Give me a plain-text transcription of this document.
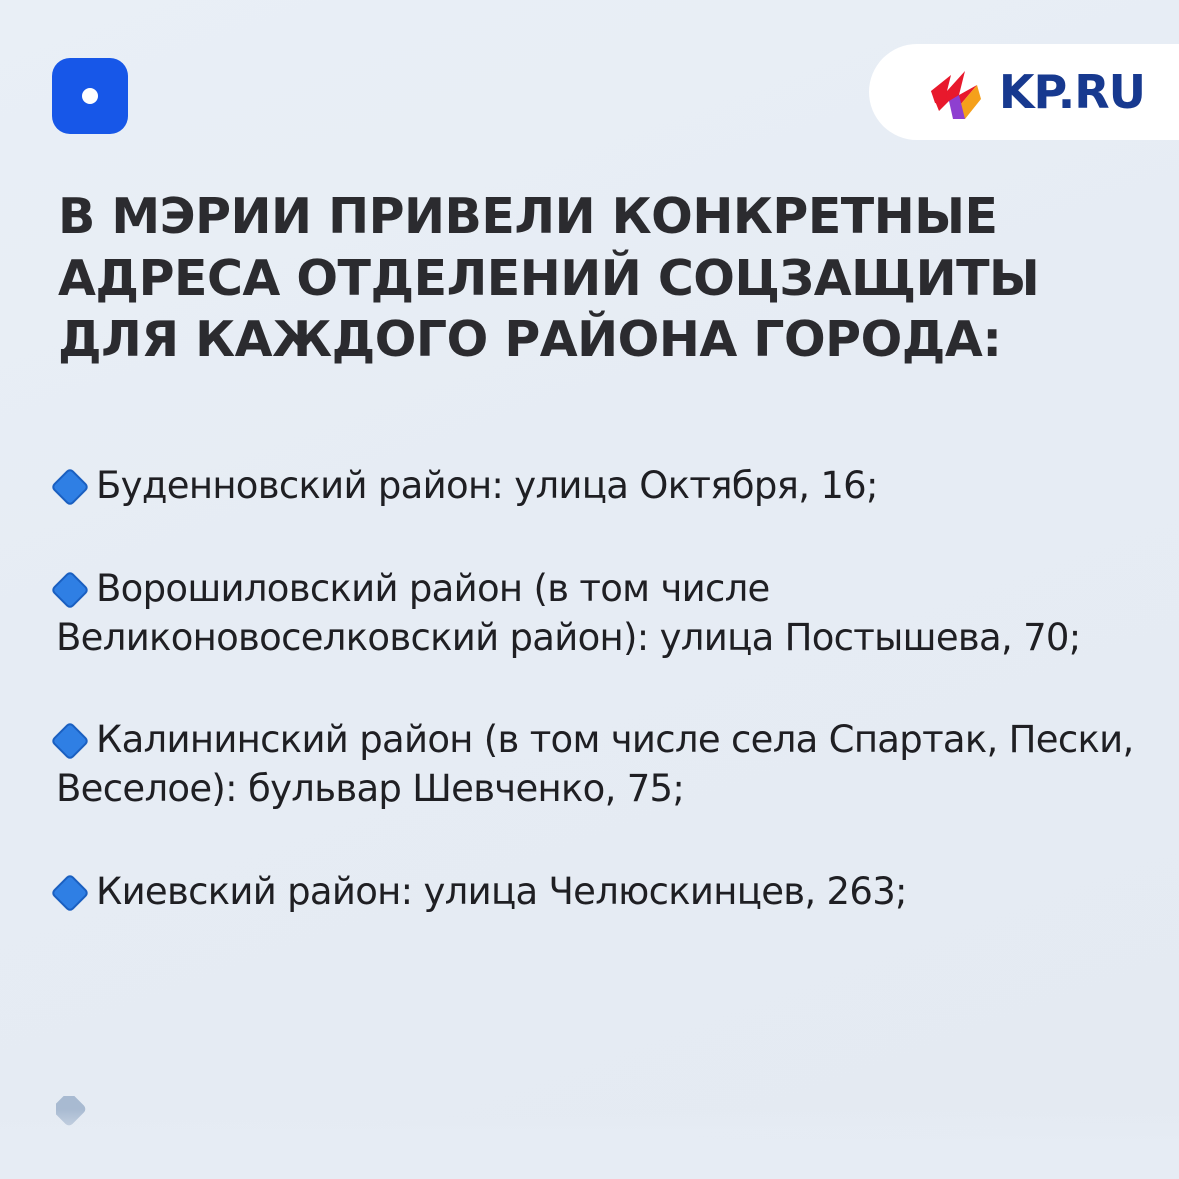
KP.RU
В МЭРИИ ПРИВЕЛИ КОНКРЕТНЫЕ АДРЕСА ОТДЕЛЕНИЙ СОЦЗАЩИТЫ ДЛЯ КАЖДОГО РАЙОНА ГОРОДА:
Буденновский район: улица Октября, 16;
Ворошиловский район (в том числе Великоновоселковский район): улица Постышева, 70;
Калининский район (в том числе села Спартак, Пески, Веселое): бульвар Шевченко, 75;
Киевский район: улица Челюскинцев, 263;
